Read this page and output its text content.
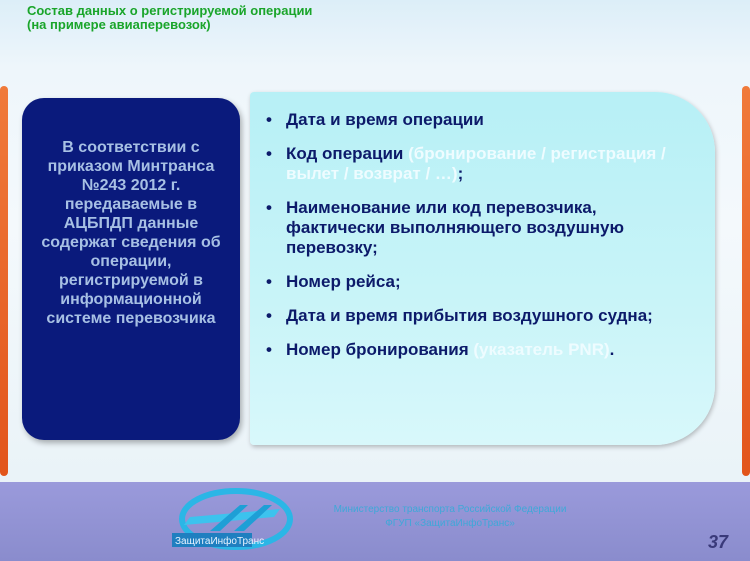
Состав данных о регистрируемой операции
(на примере авиаперевозок)
В соответствии с приказом Минтранса №243 2012 г. передаваемые в АЦБПДП данные содержат сведения об операции, регистрируемой в информационной системе перевозчика
• Дата и время операции
• Код операции (бронирование / регистрация / вылет / возврат / …);
• Наименование или код перевозчика, фактически выполняющего воздушную перевозку;
• Номер рейса;
• Дата и время прибытия воздушного судна;
• Номер бронирования (указатель PNR).
ЗащитаИнфоТранс
Министерство транспорта Российской Федерации
ФГУП «ЗащитаИнфоТранс»
37
